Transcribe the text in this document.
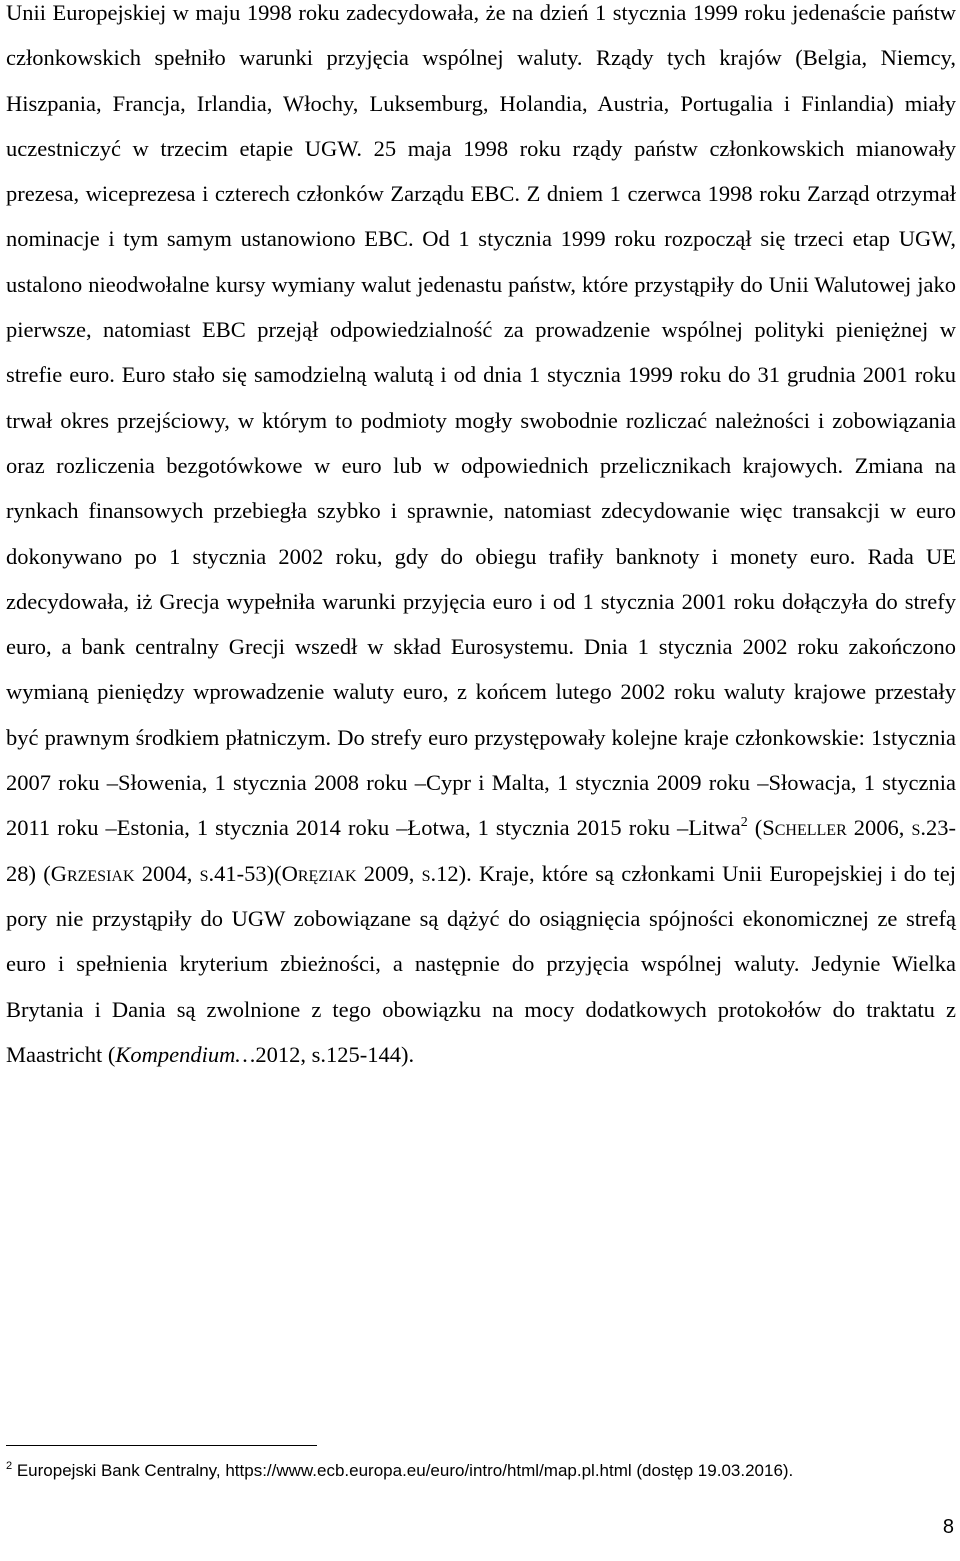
Unii Europejskiej w maju 1998 roku zadecydowała, że na dzień 1 stycznia 1999 roku jedenaście państw członkowskich spełniło warunki przyjęcia wspólnej waluty. Rządy tych krajów (Belgia, Niemcy, Hiszpania, Francja, Irlandia, Włochy, Luksemburg, Holandia, Austria, Portugalia i Finlandia) miały uczestniczyć w trzecim etapie UGW. 25 maja 1998 roku rządy państw członkowskich mianowały prezesa, wiceprezesa i czterech członków Zarządu EBC. Z dniem 1 czerwca 1998 roku Zarząd otrzymał nominacje i tym samym ustanowiono EBC. Od 1 stycznia 1999 roku rozpoczął się trzeci etap UGW, ustalono nieodwołalne kursy wymiany walut jedenastu państw, które przystąpiły do Unii Walutowej jako pierwsze, natomiast EBC przejął odpowiedzialność za prowadzenie wspólnej polityki pieniężnej w strefie euro. Euro stało się samodzielną walutą i od dnia 1 stycznia 1999 roku do 31 grudnia 2001 roku trwał okres przejściowy, w którym to podmioty mogły swobodnie rozliczać należności i zobowiązania oraz rozliczenia bezgotówkowe w euro lub w odpowiednich przelicznikach krajowych. Zmiana na rynkach finansowych przebiegła szybko i sprawnie, natomiast zdecydowanie więc transakcji w euro dokonywano po 1 stycznia 2002 roku, gdy do obiegu trafiły banknoty i monety euro. Rada UE zdecydowała, iż Grecja wypełniła warunki przyjęcia euro i od 1 stycznia 2001 roku dołączyła do strefy euro, a bank centralny Grecji wszedł w skład Eurosystemu. Dnia 1 stycznia 2002 roku zakończono wymianą pieniędzy wprowadzenie waluty euro, z końcem lutego 2002 roku waluty krajowe przestały być prawnym środkiem płatniczym. Do strefy euro przystępowały kolejne kraje członkowskie: 1stycznia 2007 roku –Słowenia, 1 stycznia 2008 roku –Cypr i Malta, 1 stycznia 2009 roku –Słowacja, 1 stycznia 2011 roku –Estonia, 1 stycznia 2014 roku –Łotwa, 1 stycznia 2015 roku –Litwa$^2$ (Scheller 2006, s.23-28) (Grzesiak 2004, s.41-53)(Oręziak 2009, s.12). Kraje, które są członkami Unii Europejskiej i do tej pory nie przystąpiły do UGW zobowiązane są dążyć do osiągnięcia spójności ekonomicznej ze strefą euro i spełnienia kryterium zbieżności, a następnie do przyjęcia wspólnej waluty. Jedynie Wielka Brytania i Dania są zwolnione z tego obowiązku na mocy dodatkowych protokołów do traktatu z Maastricht (Kompendium…2012, s.125-144).

$^2$ Europejski Bank Centralny, https://www.ecb.europa.eu/euro/intro/html/map.pl.html (dostęp 19.03.2016).
8
